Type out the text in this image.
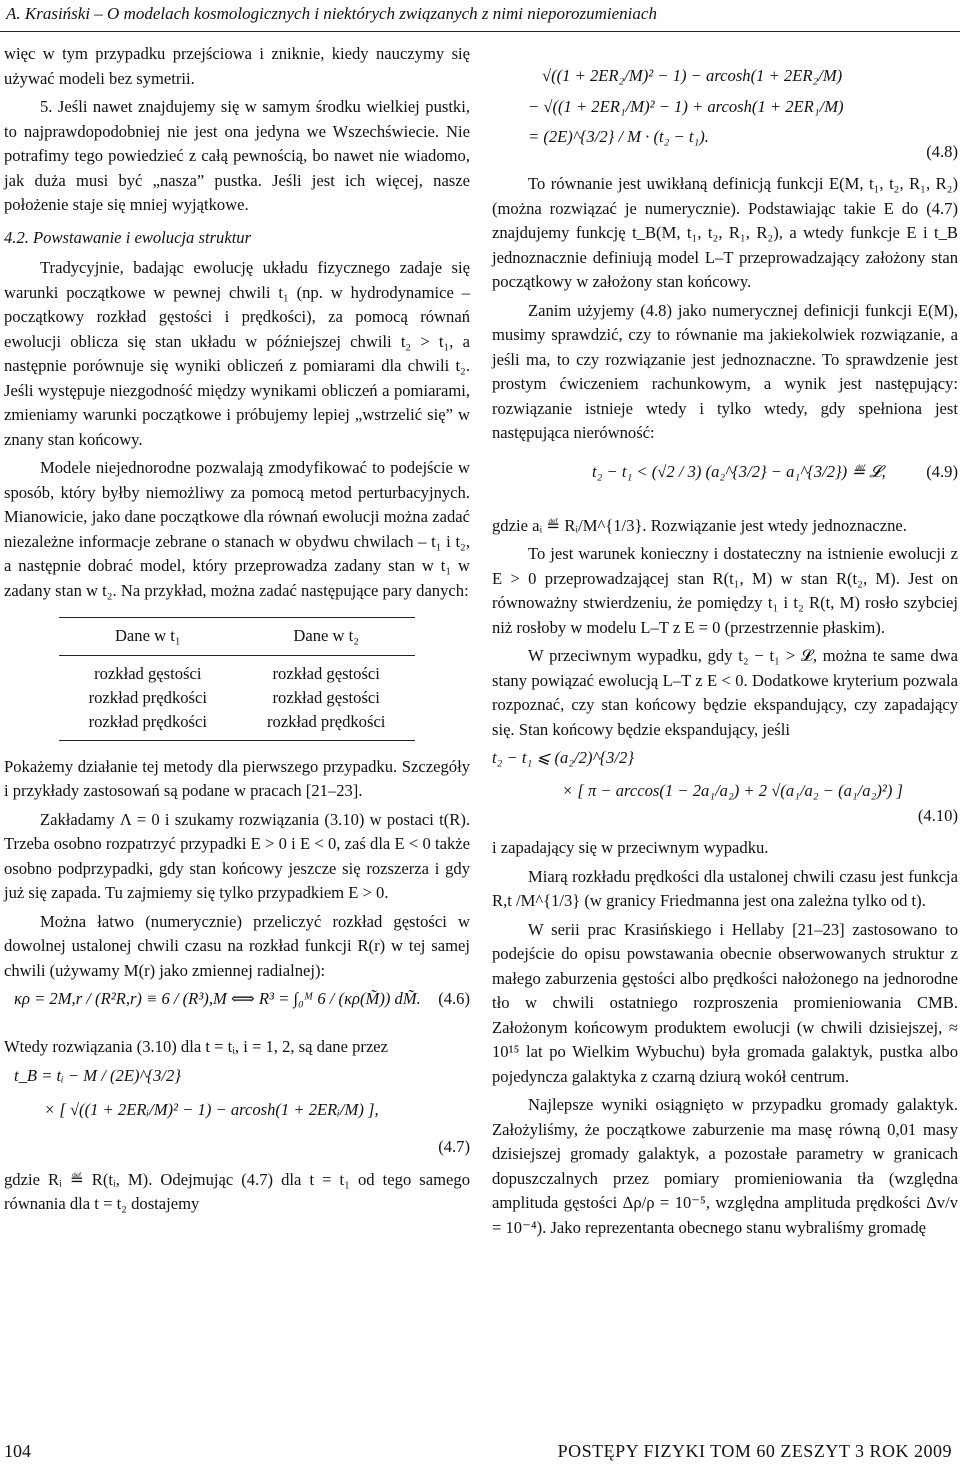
A. Krasiński – O modelach kosmologicznych i niektórych związanych z nimi nieporozumieniach

więc w tym przypadku przejściowa i zniknie, kiedy nauczymy się używać modeli bez symetrii.

5. Jeśli nawet znajdujemy się w samym środku wielkiej pustki, to najprawdopodobniej nie jest ona jedyna we Wszechświecie. Nie potrafimy tego powiedzieć z całą pewnością, bo nawet nie wiadomo, jak duża musi być „nasza” pustka. Jeśli jest ich więcej, nasze położenie staje się mniej wyjątkowe.

4.2. Powstawanie i ewolucja struktur

Tradycyjnie, badając ewolucję układu fizycznego zadaje się warunki początkowe w pewnej chwili t₁ (np. w hydrodynamice – początkowy rozkład gęstości i prędkości), za pomocą równań ewolucji oblicza się stan układu w późniejszej chwili t₂ > t₁, a następnie porównuje się wyniki obliczeń z pomiarami dla chwili t₂. Jeśli występuje niezgodność między wynikami obliczeń a pomiarami, zmieniamy warunki początkowe i próbujemy lepiej „wstrzelić się” w znany stan końcowy.

Modele niejednorodne pozwalają zmodyfikować to podejście w sposób, który byłby niemożliwy za pomocą metod perturbacyjnych. Mianowicie, jako dane początkowe dla równań ewolucji można zadać niezależne informacje zebrane o stanach w obydwu chwilach – t₁ i t₂, a następnie dobrać model, który przeprowadza zadany stan w t₁ w zadany stan w t₂. Na przykład, można zadać następujące pary danych:

Dane w t₁	Dane w t₂
rozkład gęstości	rozkład gęstości
rozkład prędkości	rozkład gęstości
rozkład prędkości	rozkład prędkości

Pokażemy działanie tej metody dla pierwszego przypadku. Szczegóły i przykłady zastosowań są podane w pracach [21–23].

Zakładamy Λ = 0 i szukamy rozwiązania (3.10) w postaci t(R). Trzeba osobno rozpatrzyć przypadki E > 0 i E < 0, zaś dla E < 0 także osobno podprzypadki, gdy stan końcowy jeszcze się rozszerza i gdy już się zapada. Tu zajmiemy się tylko przypadkiem E > 0.

Można łatwo (numerycznie) przeliczyć rozkład gęstości w dowolnej ustalonej chwili czasu na rozkład funkcji R(r) w tej samej chwili (używamy M(r) jako zmiennej radialnej):

κρ = 2M,r / (R²R,r) ≡ 6 / (R³),M ⟺ R³ = ∫₀ᴹ 6 / (κρ(M̃)) dM̃.	(4.6)

Wtedy rozwiązania (3.10) dla t = tᵢ, i = 1, 2, są dane przez

t_B = tᵢ − M / (2E)^{3/2}
× [ √((1 + 2ERᵢ/M)² − 1) − arcosh(1 + 2ERᵢ/M) ],
(4.7)

gdzie Rᵢ ≝ R(tᵢ, M). Odejmując (4.7) dla t = t₁ od tego samego równania dla t = t₂ dostajemy

√((1 + 2ER₂/M)² − 1) − arcosh(1 + 2ER₂/M)
− √((1 + 2ER₁/M)² − 1) + arcosh(1 + 2ER₁/M)
= (2E)^{3/2} / M · (t₂ − t₁).
(4.8)

To równanie jest uwikłaną definicją funkcji E(M, t₁, t₂, R₁, R₂) (można rozwiązać je numerycznie). Podstawiając takie E do (4.7) znajdujemy funkcję t_B(M, t₁, t₂, R₁, R₂), a wtedy funkcje E i t_B jednoznacznie definiują model L–T przeprowadzający założony stan początkowy w założony stan końcowy.

Zanim użyjemy (4.8) jako numerycznej definicji funkcji E(M), musimy sprawdzić, czy to równanie ma jakiekolwiek rozwiązanie, a jeśli ma, to czy rozwiązanie jest jednoznaczne. To sprawdzenie jest prostym ćwiczeniem rachunkowym, a wynik jest następujący: rozwiązanie istnieje wtedy i tylko wtedy, gdy spełniona jest następująca nierówność:

t₂ − t₁ < (√2 / 3) (a₂^{3/2} − a₁^{3/2}) ≝ 𝓛,	(4.9)

gdzie aᵢ ≝ Rᵢ/M^{1/3}. Rozwiązanie jest wtedy jednoznaczne.

To jest warunek konieczny i dostateczny na istnienie ewolucji z E > 0 przeprowadzającej stan R(t₁, M) w stan R(t₂, M). Jest on równoważny stwierdzeniu, że pomiędzy t₁ i t₂ R(t, M) rosło szybciej niż rosłoby w modelu L–T z E = 0 (przestrzennie płaskim).

W przeciwnym wypadku, gdy t₂ − t₁ > 𝓛, można te same dwa stany powiązać ewolucją L–T z E < 0. Dodatkowe kryterium pozwala rozpoznać, czy stan końcowy będzie ekspandujący, czy zapadający się. Stan końcowy będzie ekspandujący, jeśli

t₂ − t₁ ⩽ (a₂/2)^{3/2}
× [ π − arccos(1 − 2a₁/a₂) + 2 √(a₁/a₂ − (a₁/a₂)²) ]
(4.10)

i zapadający się w przeciwnym wypadku.

Miarą rozkładu prędkości dla ustalonej chwili czasu jest funkcja R,t /M^{1/3} (w granicy Friedmanna jest ona zależna tylko od t).

W serii prac Krasińskiego i Hellaby [21–23] zastosowano to podejście do opisu powstawania obecnie obserwowanych struktur z małego zaburzenia gęstości albo prędkości nałożonego na jednorodne tło w chwili ostatniego rozproszenia promieniowania CMB. Założonym końcowym produktem ewolucji (w chwili dzisiejszej, ≈ 10¹⁵ lat po Wielkim Wybuchu) była gromada galaktyk, pustka albo pojedyncza galaktyka z czarną dziurą wokół centrum.

Najlepsze wyniki osiągnięto w przypadku gromady galaktyk. Założyliśmy, że początkowe zaburzenie ma masę równą 0,01 masy dzisiejszej gromady galaktyk, a pozostałe parametry w granicach dopuszczalnych przez pomiary promieniowania tła (względna amplituda gęstości Δρ/ρ = 10⁻⁵, względna amplituda prędkości Δv/v = 10⁻⁴). Jako reprezentanta obecnego stanu wybraliśmy gromadę

104	POSTĘPY FIZYKI TOM 60 ZESZYT 3 ROK 2009
